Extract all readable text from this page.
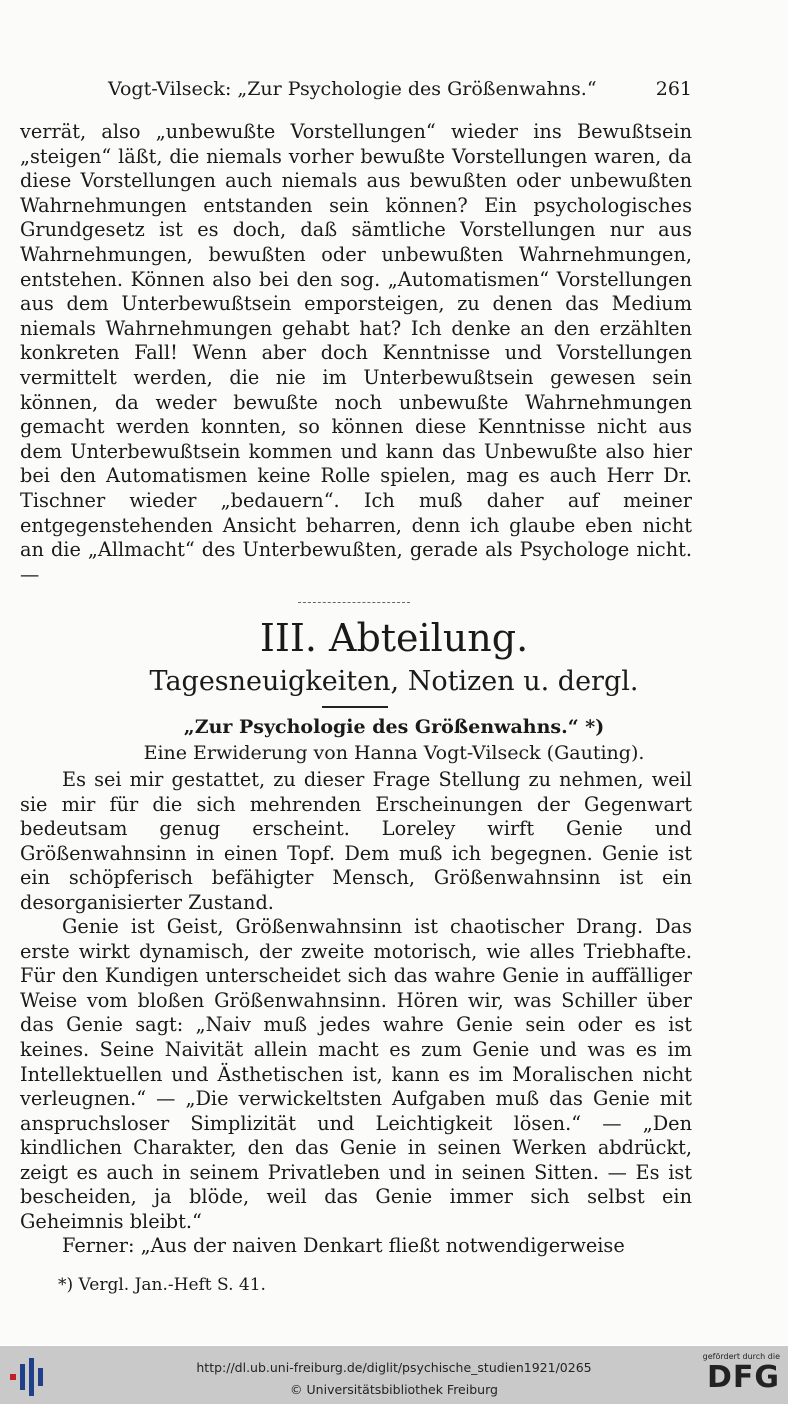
Vogt-Vilseck: „Zur Psychologie des Größenwahns.“	261
verrät, also „unbewußte Vorstellungen“ wieder ins Bewußtsein „steigen“ läßt, die niemals vorher bewußte Vorstellungen waren, da diese Vorstellungen auch niemals aus bewußten oder unbewußten Wahrnehmungen entstanden sein können? Ein psychologisches Grundgesetz ist es doch, daß sämtliche Vorstellungen nur aus Wahrnehmungen, bewußten oder unbewußten Wahrnehmungen, entstehen. Können also bei den sog. „Automatismen“ Vorstellungen aus dem Unterbewußtsein emporsteigen, zu denen das Medium niemals Wahrnehmungen gehabt hat? Ich denke an den erzählten konkreten Fall! Wenn aber doch Kenntnisse und Vorstellungen vermittelt werden, die nie im Unterbewußtsein gewesen sein können, da weder bewußte noch unbewußte Wahrnehmungen gemacht werden konnten, so können diese Kenntnisse nicht aus dem Unterbewußtsein kommen und kann das Unbewußte also hier bei den Automatismen keine Rolle spielen, mag es auch Herr Dr. Tischner wieder „bedauern“. Ich muß daher auf meiner entgegenstehenden Ansicht beharren, denn ich glaube eben nicht an die „Allmacht“ des Unterbewußten, gerade als Psychologe nicht. —
III. Abteilung.
Tagesneuigkeiten, Notizen u. dergl.
„Zur Psychologie des Größenwahns.“ *)
Eine Erwiderung von Hanna Vogt-Vilseck (Gauting).

Es sei mir gestattet, zu dieser Frage Stellung zu nehmen, weil sie mir für die sich mehrenden Erscheinungen der Gegenwart bedeutsam genug erscheint. Loreley wirft Genie und Größenwahnsinn in einen Topf. Dem muß ich begegnen. Genie ist ein schöpferisch befähigter Mensch, Größenwahnsinn ist ein desorganisierter Zustand.

Genie ist Geist, Größenwahnsinn ist chaotischer Drang. Das erste wirkt dynamisch, der zweite motorisch, wie alles Triebhafte. Für den Kundigen unterscheidet sich das wahre Genie in auffälliger Weise vom bloßen Größenwahnsinn. Hören wir, was Schiller über das Genie sagt: „Naiv muß jedes wahre Genie sein oder es ist keines. Seine Naivität allein macht es zum Genie und was es im Intellektuellen und Ästhetischen ist, kann es im Moralischen nicht verleugnen.“ — „Die verwickeltsten Aufgaben muß das Genie mit anspruchsloser Simplizität und Leichtigkeit lösen.“ — „Den kindlichen Charakter, den das Genie in seinen Werken abdrückt, zeigt es auch in seinem Privatleben und in seinen Sitten. — Es ist bescheiden, ja blöde, weil das Genie immer sich selbst ein Geheimnis bleibt.“

Ferner: „Aus der naiven Denkart fließt notwendigerweise

*) Vergl. Jan.-Heft S. 41.
http://dl.ub.uni-freiburg.de/diglit/psychische_studien1921/0265
© Universitätsbibliothek Freiburg
gefördert durch die
DFG
